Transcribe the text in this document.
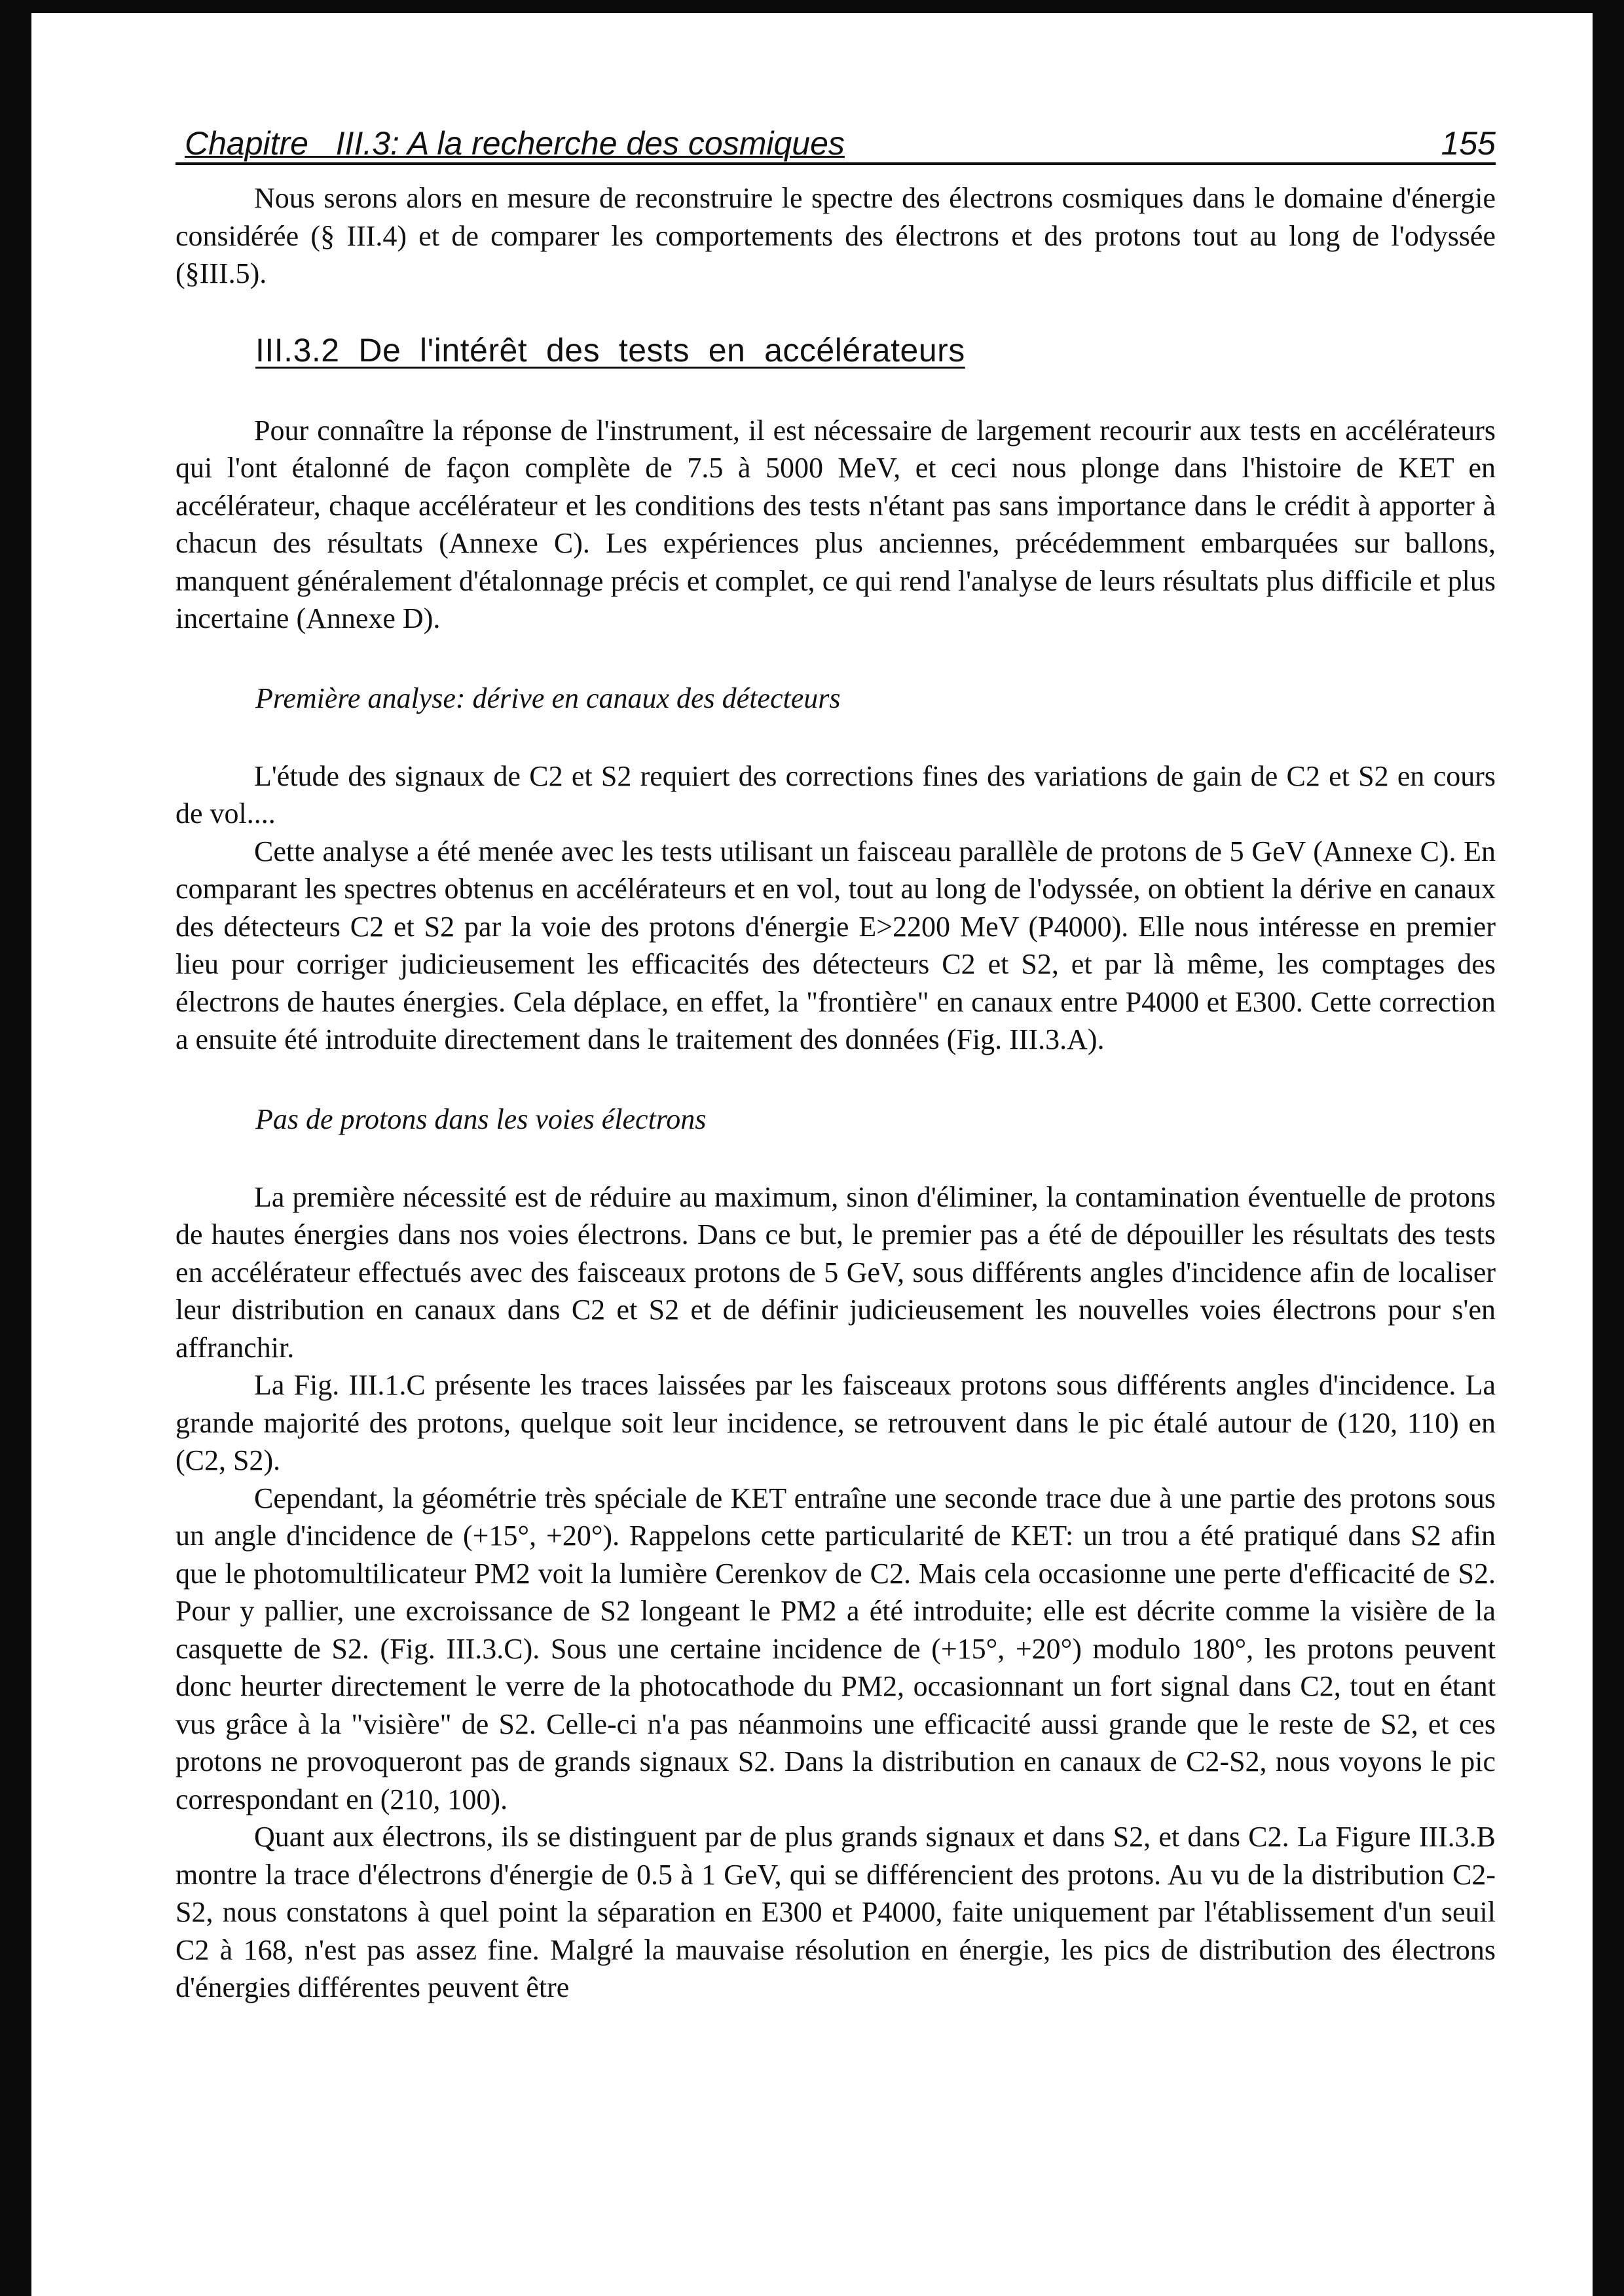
Chapitre   III.3: A la recherche des cosmiques	155

Nous serons alors en mesure de reconstruire le spectre des électrons cosmiques dans le domaine d'énergie considérée (§ III.4) et de comparer les comportements des électrons et des protons tout au long de l'odyssée (§III.5).

III.3.2  De  l'intérêt  des  tests  en  accélérateurs

Pour connaître la réponse de l'instrument, il est nécessaire de largement recourir aux tests en accélérateurs qui l'ont étalonné de façon complète de 7.5 à 5000 MeV, et ceci nous plonge dans l'histoire de KET en accélérateur, chaque accélérateur et les conditions des tests n'étant pas sans importance dans le crédit à apporter à chacun des résultats (Annexe C). Les expériences plus anciennes, précédemment embarquées sur ballons, manquent généralement d'étalonnage précis et complet, ce qui rend l'analyse de leurs résultats plus difficile et plus incertaine (Annexe D).

Première analyse: dérive en canaux des détecteurs

L'étude des signaux de C2 et S2 requiert des corrections fines des variations de gain de C2 et S2 en cours de vol....

Cette analyse a été menée avec les tests utilisant un faisceau parallèle de protons de 5 GeV (Annexe C). En comparant les spectres obtenus en accélérateurs et en vol, tout au long de l'odyssée, on obtient la dérive en canaux des détecteurs C2 et S2 par la voie des protons d'énergie E>2200 MeV (P4000). Elle nous intéresse en premier lieu pour corriger judicieusement les efficacités des détecteurs C2 et S2, et par là même, les comptages des électrons de hautes énergies. Cela déplace, en effet, la "frontière" en canaux entre P4000 et E300. Cette correction a ensuite été introduite directement dans le traitement des données (Fig. III.3.A).

Pas de protons dans les voies électrons

La première nécessité est de réduire au maximum, sinon d'éliminer, la contamination éventuelle de protons de hautes énergies dans nos voies électrons. Dans ce but, le premier pas a été de dépouiller les résultats des tests en accélérateur effectués avec des faisceaux protons de 5 GeV, sous différents angles d'incidence afin de localiser leur distribution en canaux dans C2 et S2 et de définir judicieusement les nouvelles voies électrons pour s'en affranchir.

La Fig. III.1.C présente les traces laissées par les faisceaux protons sous différents angles d'incidence. La grande majorité des protons, quelque soit leur incidence, se retrouvent dans le pic étalé autour de (120, 110) en (C2, S2).

Cependant, la géométrie très spéciale de KET entraîne une seconde trace due à une partie des protons sous un angle d'incidence de (+15°, +20°). Rappelons cette particularité de KET: un trou a été pratiqué dans S2 afin que le photomultilicateur PM2 voit la lumière Cerenkov de C2. Mais cela occasionne une perte d'efficacité de S2. Pour y pallier, une excroissance de S2 longeant le PM2 a été introduite; elle est décrite comme la visière de la casquette de S2. (Fig. III.3.C). Sous une certaine incidence de (+15°, +20°) modulo 180°, les protons peuvent donc heurter directement le verre de la photocathode du PM2, occasionnant un fort signal dans C2, tout en étant vus grâce à la "visière" de S2. Celle-ci n'a pas néanmoins une efficacité aussi grande que le reste de S2, et ces protons ne provoqueront pas de grands signaux S2. Dans la distribution en canaux de C2-S2, nous voyons le pic correspondant en (210, 100).

Quant aux électrons, ils se distinguent par de plus grands signaux et dans S2, et dans C2. La Figure III.3.B montre la trace d'électrons d'énergie de 0.5 à 1 GeV, qui se différencient des protons. Au vu de la distribution C2-S2, nous constatons à quel point la séparation en E300 et P4000, faite uniquement par l'établissement d'un seuil C2 à 168, n'est pas assez fine. Malgré la mauvaise résolution en énergie, les pics de distribution des électrons d'énergies différentes peuvent être
